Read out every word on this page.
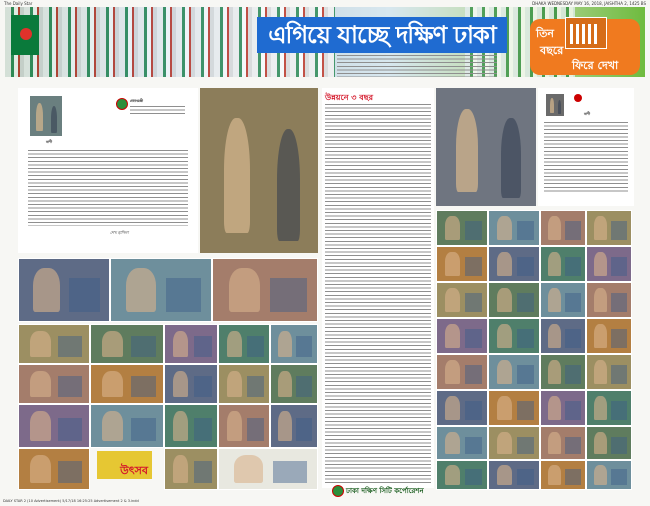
The Daily Star	DHAKA WEDNESDAY MAY 16, 2018, JAISHTHA 2, 1425 BS
এগিয়ে যাচ্ছে দক্ষিণ ঢাকা	তিন
বছরে
ফিরে দেখা
বাণী
প্রধানমন্ত্রী
শেখ হাসিনা
উৎসব
উন্নয়নে ৩ বছর
বাণী
ঢাকা দক্ষিণ সিটি কর্পোরেশন
DAILY STAR 2 (10 Advertisement) 5/17/18 16:25:25 Advertisement 2 & 3.indd
